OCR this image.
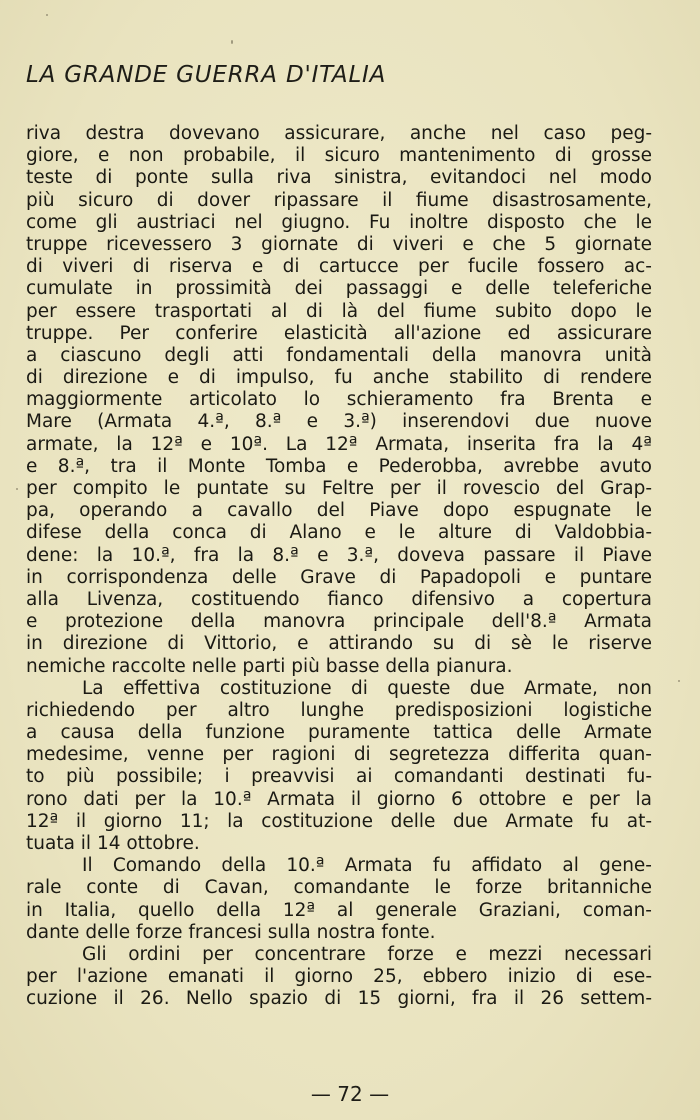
LA GRANDE GUERRA D'ITALIA
riva destra dovevano assicurare, anche nel caso peg-
giore, e non probabile, il sicuro mantenimento di grosse
teste di ponte sulla riva sinistra, evitandoci nel modo
più sicuro di dover ripassare il fiume disastrosamente,
come gli austriaci nel giugno. Fu inoltre disposto che le
truppe ricevessero 3 giornate di viveri e che 5 giornate
di viveri di riserva e di cartucce per fucile fossero ac-
cumulate in prossimità dei passaggi e delle teleferiche
per essere trasportati al di là del fiume subito dopo le
truppe. Per conferire elasticità all'azione ed assicurare
a ciascuno degli atti fondamentali della manovra unità
di direzione e di impulso, fu anche stabilito di rendere
maggiormente articolato lo schieramento fra Brenta e
Mare (Armata 4.ª, 8.ª e 3.ª) inserendovi due nuove
armate, la 12ª e 10ª. La 12ª Armata, inserita fra la 4ª
e 8.ª, tra il Monte Tomba e Pederobba, avrebbe avuto
per compito le puntate su Feltre per il rovescio del Grap-
pa, operando a cavallo del Piave dopo espugnate le
difese della conca di Alano e le alture di Valdobbia-
dene: la 10.ª, fra la 8.ª e 3.ª, doveva passare il Piave
in corrispondenza delle Grave di Papadopoli e puntare
alla Livenza, costituendo fianco difensivo a copertura
e protezione della manovra principale dell'8.ª Armata
in direzione di Vittorio, e attirando su di sè le riserve
nemiche raccolte nelle parti più basse della pianura.
La effettiva costituzione di queste due Armate, non
richiedendo per altro lunghe predisposizioni logistiche
a causa della funzione puramente tattica delle Armate
medesime, venne per ragioni di segretezza differita quan-
to più possibile; i preavvisi ai comandanti destinati fu-
rono dati per la 10.ª Armata il giorno 6 ottobre e per la
12ª il giorno 11; la costituzione delle due Armate fu at-
tuata il 14 ottobre.
Il Comando della 10.ª Armata fu affidato al gene-
rale conte di Cavan, comandante le forze britanniche
in Italia, quello della 12ª al generale Graziani, coman-
dante delle forze francesi sulla nostra fonte.
Gli ordini per concentrare forze e mezzi necessari
per l'azione emanati il giorno 25, ebbero inizio di ese-
cuzione il 26. Nello spazio di 15 giorni, fra il 26 settem-
— 72 —
